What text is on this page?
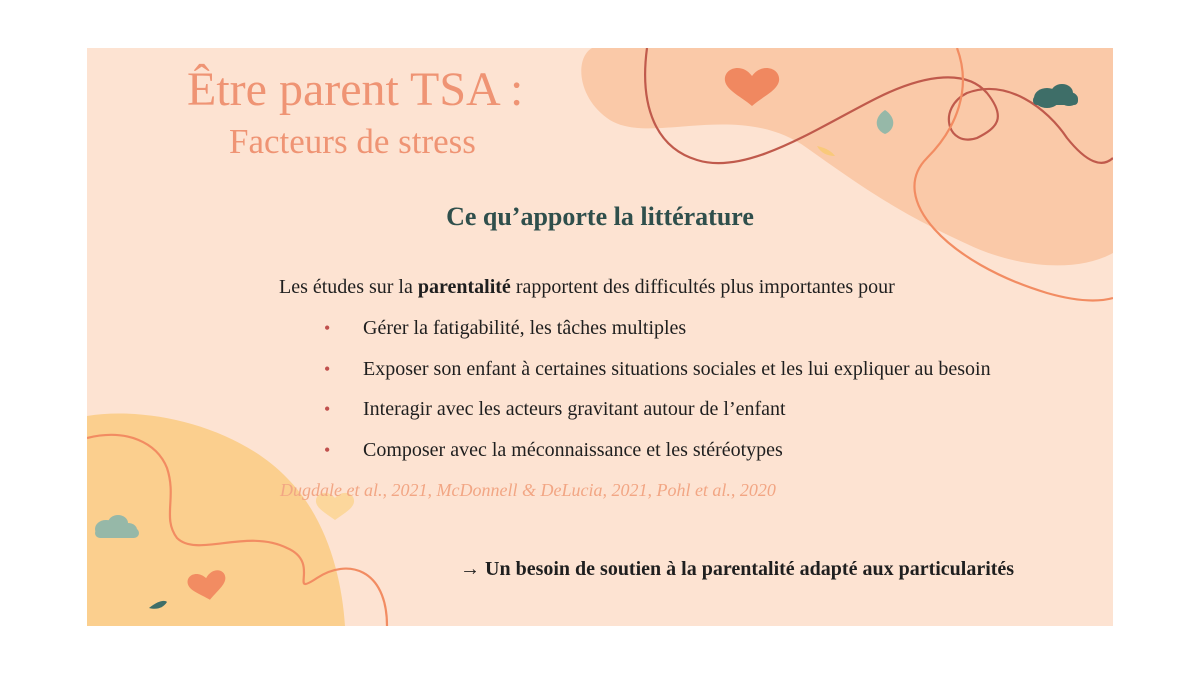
Être parent TSA :
Facteurs de stress
Ce qu’apporte la littérature
Les études sur la parentalité rapportent des difficultés plus importantes pour
• Gérer la fatigabilité, les tâches multiples
• Exposer son enfant à certaines situations sociales et les lui expliquer au besoin
• Interagir avec les acteurs gravitant autour de l’enfant
• Composer avec la méconnaissance et les stéréotypes
Dugdale et al., 2021, McDonnell & DeLucia, 2021, Pohl et al., 2020
→ Un besoin de soutien à la parentalité adapté aux particularités
